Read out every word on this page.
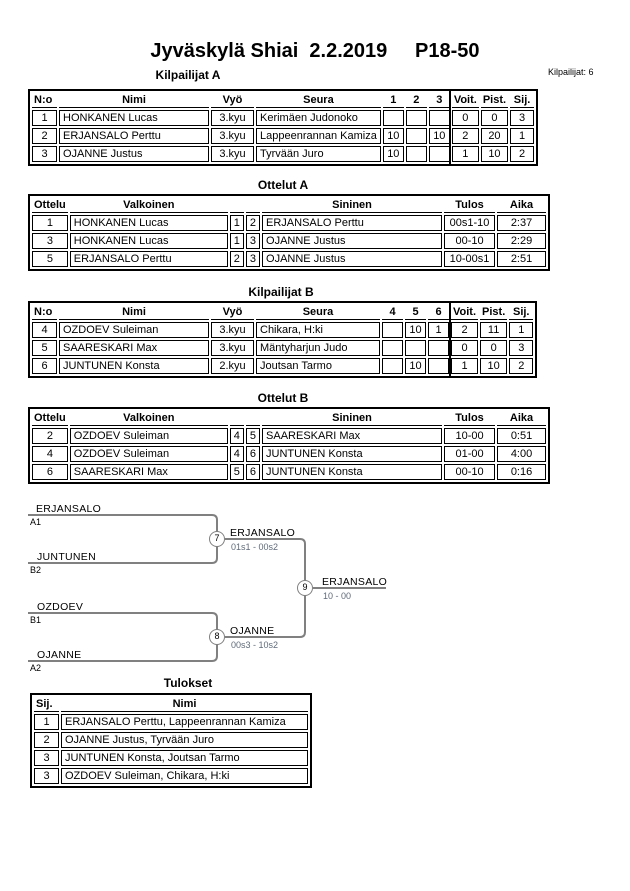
Jyväskylä Shiai  2.2.2019     P18-50
Kilpailijat: 6
Kilpailijat A
N:o	Nimi	Vyö	Seura	1	2	3	Voit.	Pist.	Sij.
1	HONKANEN Lucas	3.kyu	Kerimäen Judonoko				0	0	3
2	ERJANSALO Perttu	3.kyu	Lappeenrannan Kamiza	10		10	2	20	1
3	OJANNE Justus	3.kyu	Tyrvään Juro	10			1	10	2
Ottelut A
Ottelu	Valkoinen			Sininen	Tulos	Aika
1	HONKANEN Lucas	1	2	ERJANSALO Perttu	00s1-10	2:37
3	HONKANEN Lucas	1	3	OJANNE Justus	00-10	2:29
5	ERJANSALO Perttu	2	3	OJANNE Justus	10-00s1	2:51
Kilpailijat B
N:o	Nimi	Vyö	Seura	4	5	6	Voit.	Pist.	Sij.
4	OZDOEV Suleiman	3.kyu	Chikara, H:ki		10	1	2	11	1
5	SAARESKARI Max	3.kyu	Mäntyharjun Judo				0	0	3
6	JUNTUNEN Konsta	2.kyu	Joutsan Tarmo		10		1	10	2
Ottelut B
Ottelu	Valkoinen			Sininen	Tulos	Aika
2	OZDOEV Suleiman	4	5	SAARESKARI Max	10-00	0:51
4	OZDOEV Suleiman	4	6	JUNTUNEN Konsta	01-00	4:00
6	SAARESKARI Max	5	6	JUNTUNEN Konsta	00-10	0:16
ERJANSALO
A1
JUNTUNEN
B2
OZDOEV
B1
OJANNE
A2
7
8
9
ERJANSALO
01s1 - 00s2
OJANNE
00s3 - 10s2
ERJANSALO
10 - 00
Tulokset
Sij.	Nimi
1	ERJANSALO Perttu, Lappeenrannan Kamiza
2	OJANNE Justus, Tyrvään Juro
3	JUNTUNEN Konsta, Joutsan Tarmo
3	OZDOEV Suleiman, Chikara, H:ki
